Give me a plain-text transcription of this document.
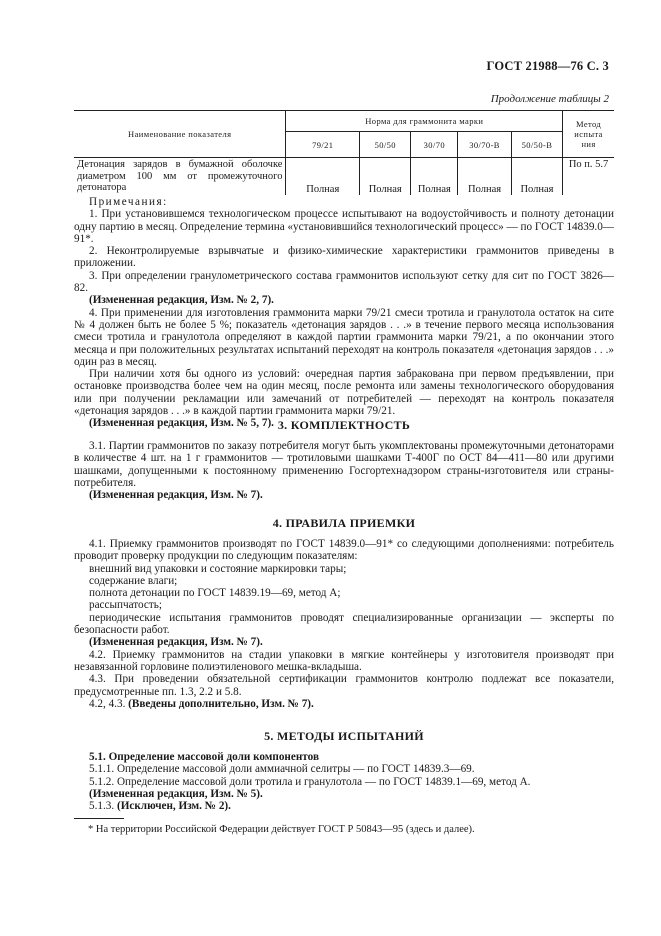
ГОСТ 21988—76 С. 3
Продолжение таблицы 2
Наименование показателя	Норма для граммонита марки					Метод испыта ния
	79/21	50/50	30/70	30/70-В	50/50-В	
Детонация зарядов в бумажной оболочке диаметром 100 мм от промежуточного детонатора	Полная	Полная	Полная	Полная	Полная	По п. 5.7

Примечания:

1. При установившемся технологическом процессе испытывают на водоустойчивость и полноту детонации одну партию в месяц. Определение термина «установившийся технологический процесс» — по ГОСТ 14839.0—91*.

2. Неконтролируемые взрывчатые и физико-химические характеристики граммонитов приведены в приложении.

3. При определении гранулометрического состава граммонитов используют сетку для сит по ГОСТ 3826—82.

(Измененная редакция, Изм. № 2, 7).

4. При применении для изготовления граммонита марки 79/21 смеси тротила и гранулотола остаток на сите № 4 должен быть не более 5 %; показатель «детонация зарядов . . .» в течение первого месяца использования смеси тротила и гранулотола определяют в каждой партии граммонита марки 79/21, а по окончании этого месяца и при положительных результатах испытаний переходят на контроль показателя «детонация зарядов . . .» один раз в месяц.

При наличии хотя бы одного из условий: очередная партия забракована при первом предъявлении, при остановке производства более чем на один месяц, после ремонта или замены технологического оборудования или при получении рекламации или замечаний от потребителей — переходят на контроль показателя «детонация зарядов . . .» в каждой партии граммонита марки 79/21.

(Измененная редакция, Изм. № 5, 7). 3. КОМПЛЕКТНОСТЬ

3.1. Партии граммонитов по заказу потребителя могут быть укомплектованы промежуточными детонаторами в количестве 4 шт. на 1 г граммонитов — тротиловыми шашками Т-400Г по ОСТ 84—411—80 или другими шашками, допущенными к постоянному применению Госгортехнадзором страны-изготовителя или страны-потребителя.

(Измененная редакция, Изм. № 7).

4. ПРАВИЛА ПРИЕМКИ

4.1. Приемку граммонитов производят по ГОСТ 14839.0—91* со следующими дополнениями: потребитель проводит проверку продукции по следующим показателям:

внешний вид упаковки и состояние маркировки тары;

содержание влаги;

полнота детонации по ГОСТ 14839.19—69, метод А;

рассыпчатость;

периодические испытания граммонитов проводят специализированные организации — эксперты по безопасности работ.

(Измененная редакция, Изм. № 7).

4.2. Приемку граммонитов на стадии упаковки в мягкие контейнеры у изготовителя производят при незавязанной горловине полиэтиленового мешка-вкладыша.

4.3. При проведении обязательной сертификации граммонитов контролю подлежат все показатели, предусмотренные пп. 1.3, 2.2 и 5.8.

4.2, 4.3. (Введены дополнительно, Изм. № 7).

5. МЕТОДЫ ИСПЫТАНИЙ

5.1. Определение массовой доли компонентов

5.1.1. Определение массовой доли аммиачной селитры — по ГОСТ 14839.3—69.

5.1.2. Определение массовой доли тротила и гранулотола — по ГОСТ 14839.1—69, метод А.

(Измененная редакция, Изм. № 5).

5.1.3. (Исключен, Изм. № 2).

* На территории Российской Федерации действует ГОСТ Р 50843—95 (здесь и далее).
